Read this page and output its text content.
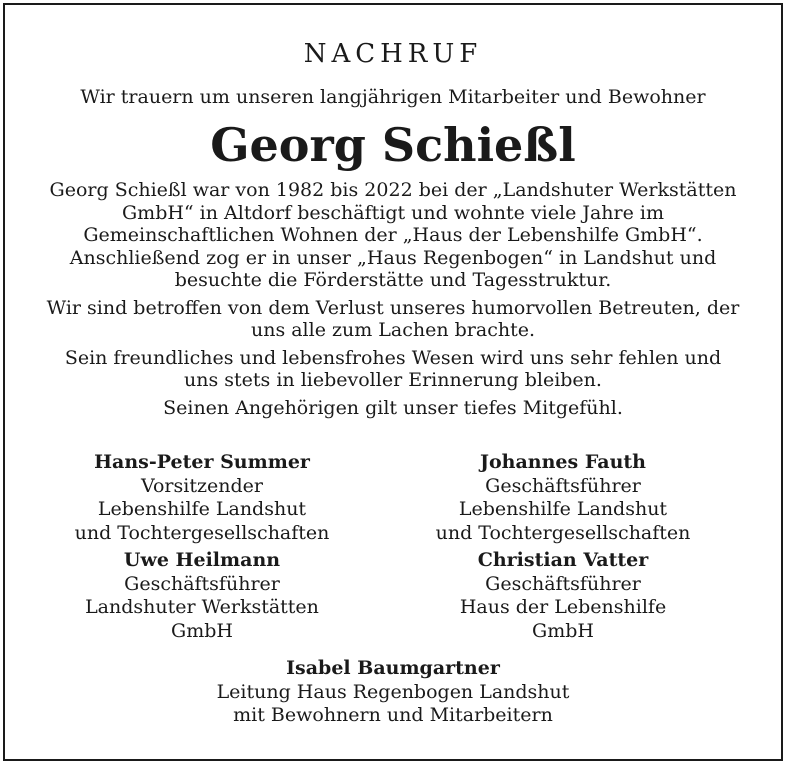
NACHRUF
Wir trauern um unseren langjährigen Mitarbeiter und Bewohner
Georg Schießl

Georg Schießl war von 1982 bis 2022 bei der „Landshuter Werkstätten GmbH“ in Altdorf beschäftigt und wohnte viele Jahre im Gemeinschaftlichen Wohnen der „Haus der Lebenshilfe GmbH“. Anschließend zog er in unser „Haus Regenbogen“ in Landshut und besuchte die Förderstätte und Tagesstruktur.

Wir sind betroffen von dem Verlust unseres humorvollen Betreuten, der uns alle zum Lachen brachte.

Sein freundliches und lebensfrohes Wesen wird uns sehr fehlen und uns stets in liebevoller Erinnerung bleiben.

Seinen Angehörigen gilt unser tiefes Mitgefühl.

Hans-Peter Summer
Vorsitzender
Lebenshilfe Landshut
und Tochtergesellschaften
Johannes Fauth
Geschäftsführer
Lebenshilfe Landshut
und Tochtergesellschaften
Uwe Heilmann
Geschäftsführer
Landshuter Werkstätten
GmbH
Christian Vatter
Geschäftsführer
Haus der Lebenshilfe
GmbH
Isabel Baumgartner
Leitung Haus Regenbogen Landshut
mit Bewohnern und Mitarbeitern
